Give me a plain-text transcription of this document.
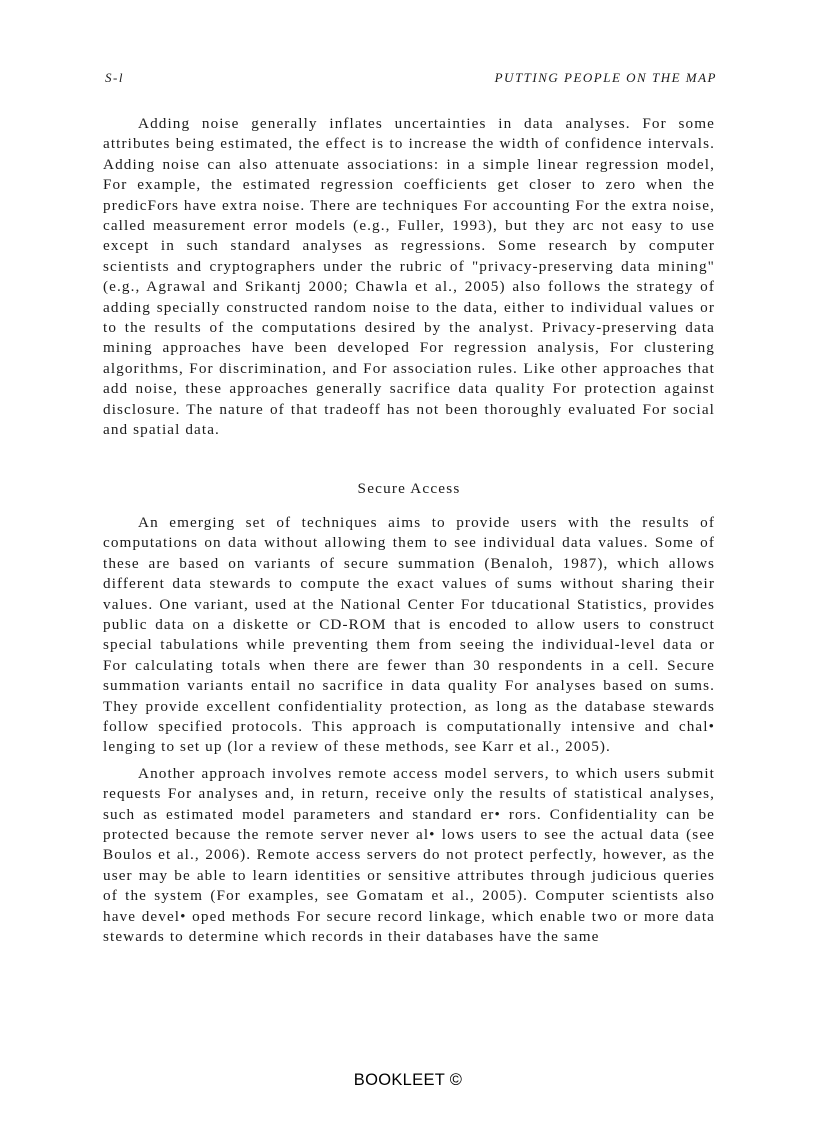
S-l	PUTTING PEOPLE ON THE MAP

Adding noise generally inflates uncertainties in data analyses. For some attributes being estimated, the effect is to increase the width of confidence intervals. Adding noise can also attenuate associations: in a simple linear regression model, For example, the estimated regression coefficients get closer to zero when the predicFors have extra noise. There are techniques For accounting For the extra noise, called measurement error models (e.g., Fuller, 1993), but they arc not easy to use except in such standard analyses as regressions. Some research by computer scientists and cryptographers under the rubric of "privacy-preserving data mining" (e.g., Agrawal and Srikantj 2000; Chawla et al., 2005) also follows the strategy of adding specially constructed random noise to the data, either to individual values or to the results of the computations desired by the analyst. Privacy-preserving data mining approaches have been developed For regression analysis, For clustering algorithms, For discrimination, and For association rules. Like other approaches that add noise, these approaches generally sacrifice data quality For protection against disclosure. The nature of that tradeoff has not been thoroughly evaluated For social and spatial data.

Secure Access

An emerging set of techniques aims to provide users with the results of computations on data without allowing them to see individual data values. Some of these are based on variants of secure summation (Benaloh, 1987), which allows different data stewards to compute the exact values of sums without sharing their values. One variant, used at the National Center For tducational Statistics, provides public data on a diskette or CD-ROM that is encoded to allow users to construct special tabulations while preventing them from seeing the individual-level data or For calculating totals when there are fewer than 30 respondents in a cell. Secure summation variants entail no sacrifice in data quality For analyses based on sums. They provide excellent confidentiality protection, as long as the database stewards follow specified protocols. This approach is computationally intensive and chal• lenging to set up (lor a review of these methods, see Karr et al., 2005).

Another approach involves remote access model servers, to which users submit requests For analyses and, in return, receive only the results of statistical analyses, such as estimated model parameters and standard er• rors. Confidentiality can be protected because the remote server never al• lows users to see the actual data (see Boulos et al., 2006). Remote access servers do not protect perfectly, however, as the user may be able to learn identities or sensitive attributes through judicious queries of the system (For examples, see Gomatam et al., 2005). Computer scientists also have devel• oped methods For secure record linkage, which enable two or more data stewards to determine which records in their databases have the same

BOOKLEET ©
